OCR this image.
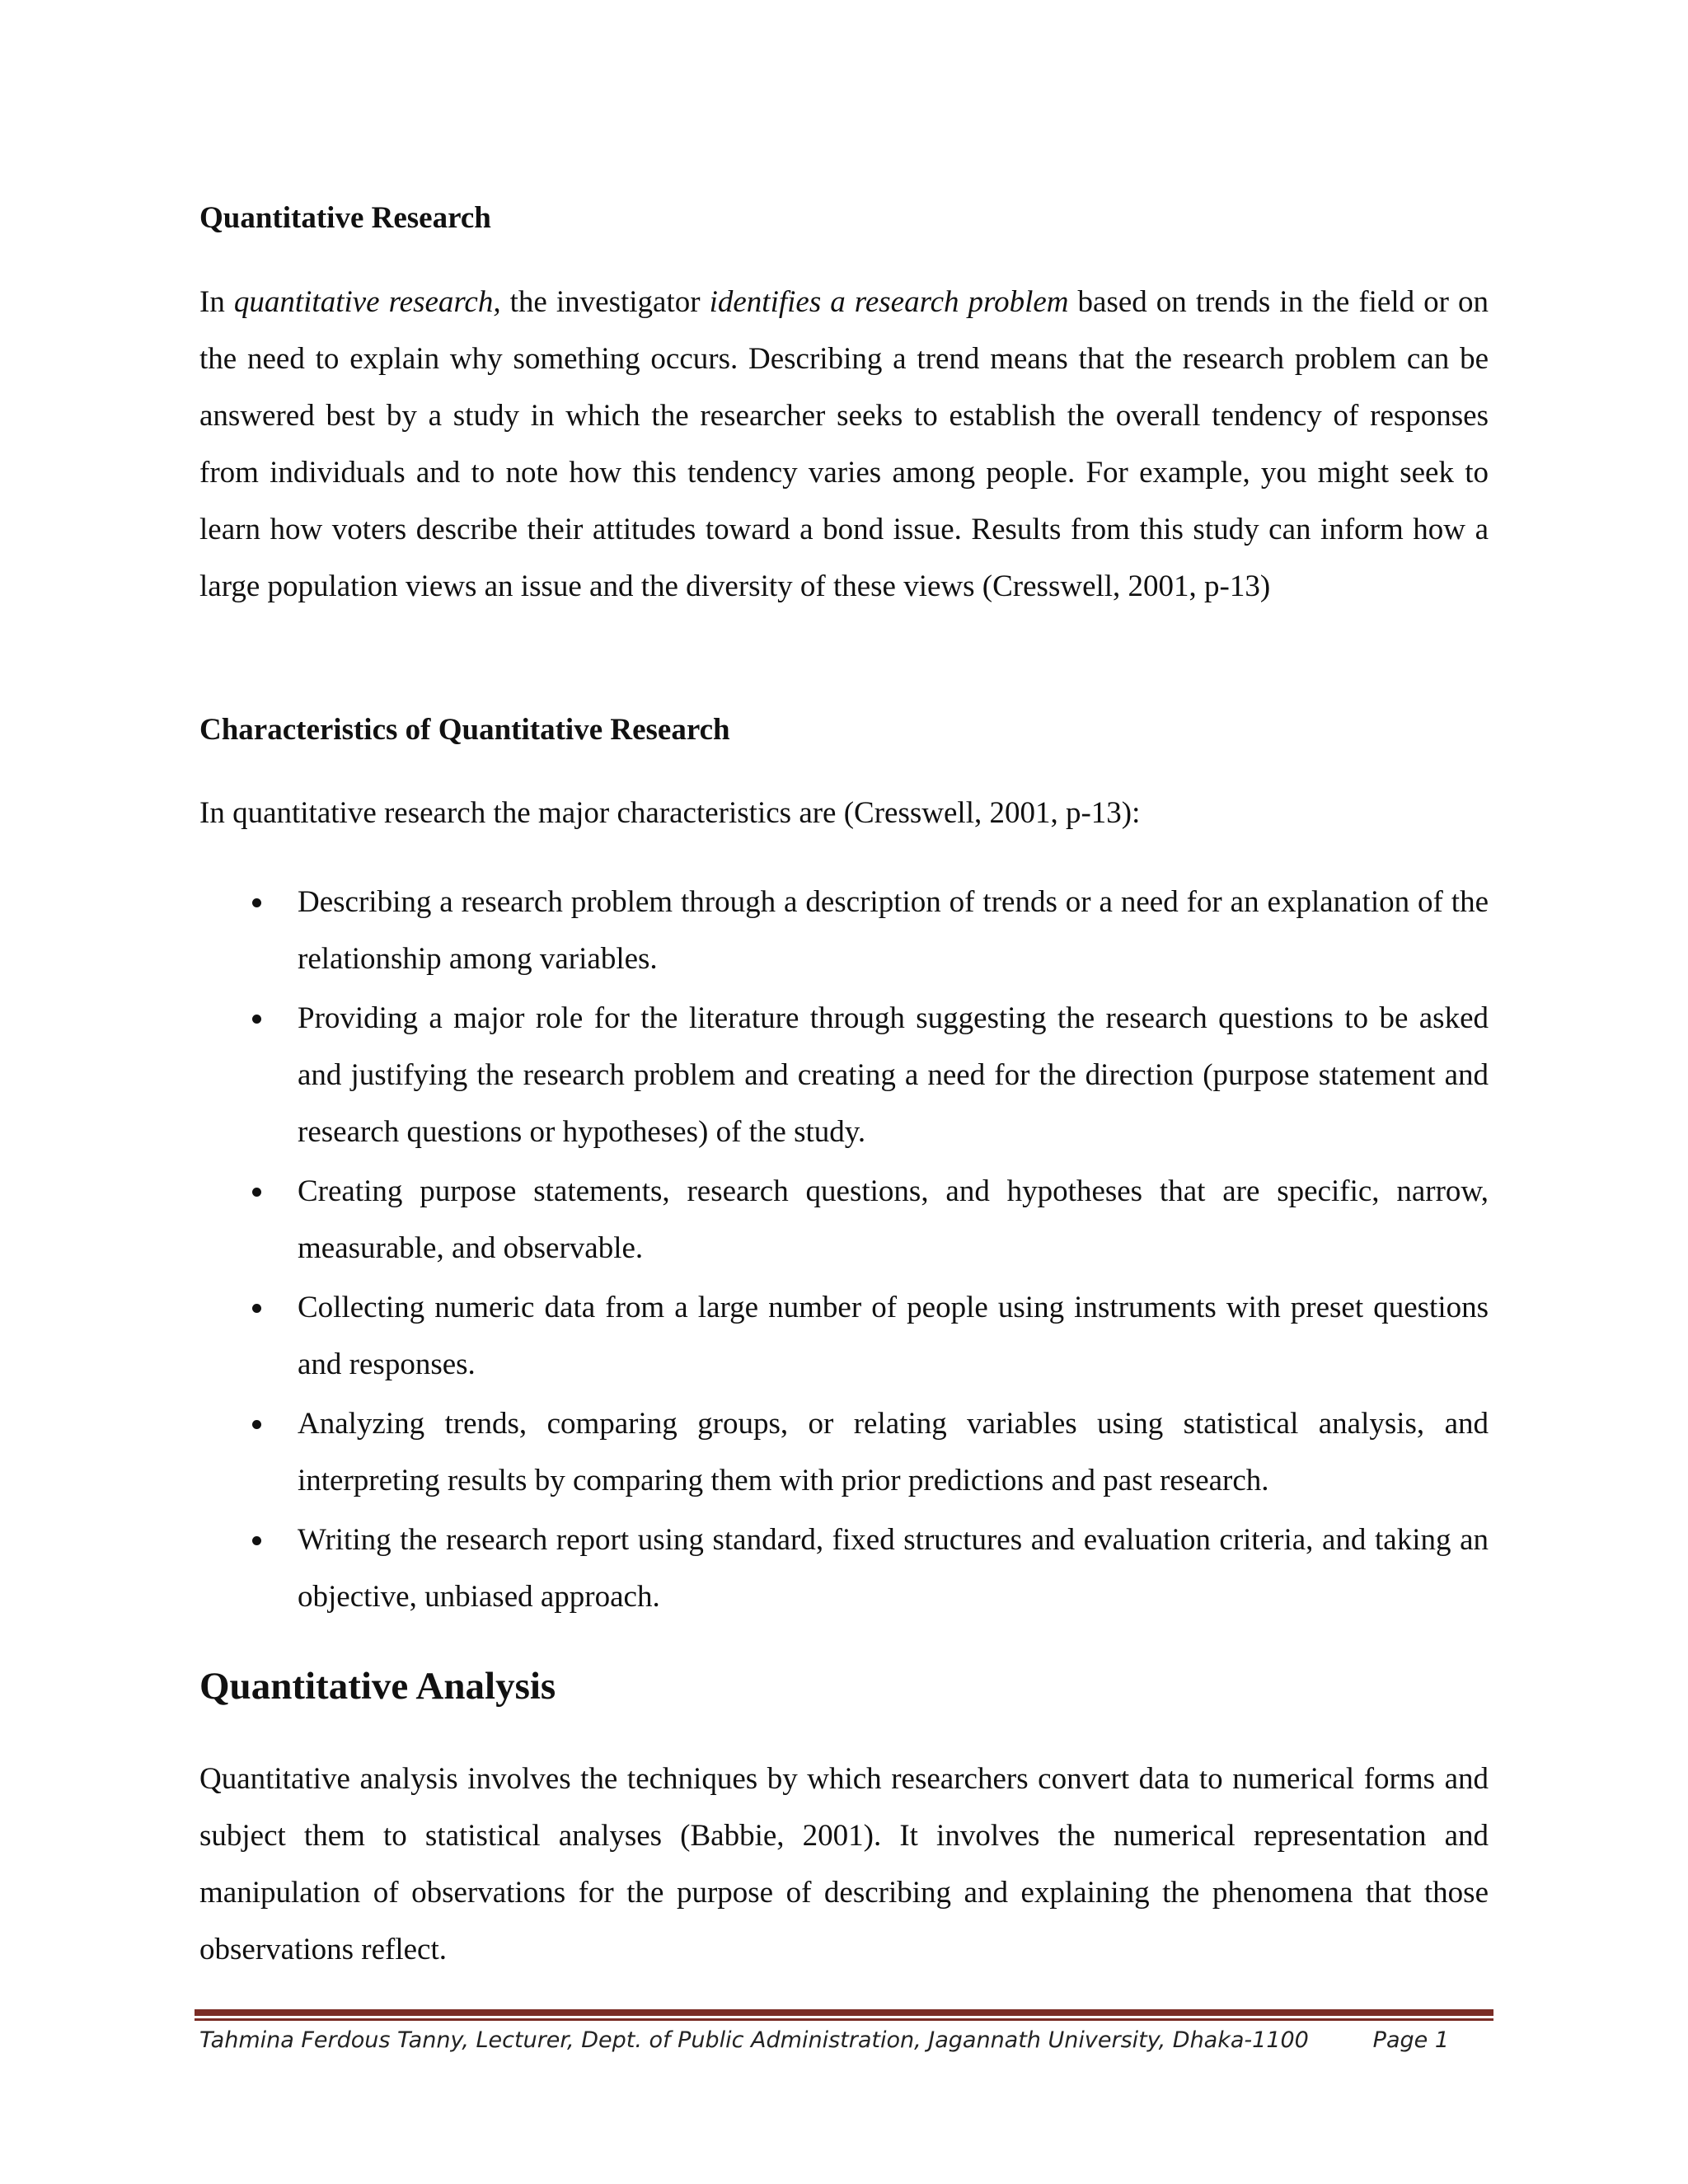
Quantitative Research

In quantitative research, the investigator identifies a research problem based on trends in the field or on the need to explain why something occurs. Describing a trend means that the research problem can be answered best by a study in which the researcher seeks to establish the overall tendency of responses from individuals and to note how this tendency varies among people. For example, you might seek to learn how voters describe their attitudes toward a bond issue. Results from this study can inform how a large population views an issue and the diversity of these views (Cresswell, 2001, p-13)

Characteristics of Quantitative Research

In quantitative research the major characteristics are (Cresswell, 2001, p-13):

Describing a research problem through a description of trends or a need for an explanation of the relationship among variables.
Providing a major role for the literature through suggesting the research questions to be asked and justifying the research problem and creating a need for the direction (purpose statement and research questions or hypotheses) of the study.
Creating purpose statements, research questions, and hypotheses that are specific, narrow, measurable, and observable.
Collecting numeric data from a large number of people using instruments with preset questions and responses.
Analyzing trends, comparing groups, or relating variables using statistical analysis, and interpreting results by comparing them with prior predictions and past research.
Writing the research report using standard, fixed structures and evaluation criteria, and taking an objective, unbiased approach.
Quantitative Analysis

Quantitative analysis involves the techniques by which researchers convert data to numerical forms and subject them to statistical analyses (Babbie, 2001). It involves the numerical representation and manipulation of observations for the purpose of describing and explaining the phenomena that those observations reflect.

Tahmina Ferdous Tanny, Lecturer, Dept. of Public Administration, Jagannath University, Dhaka-1100	Page 1
